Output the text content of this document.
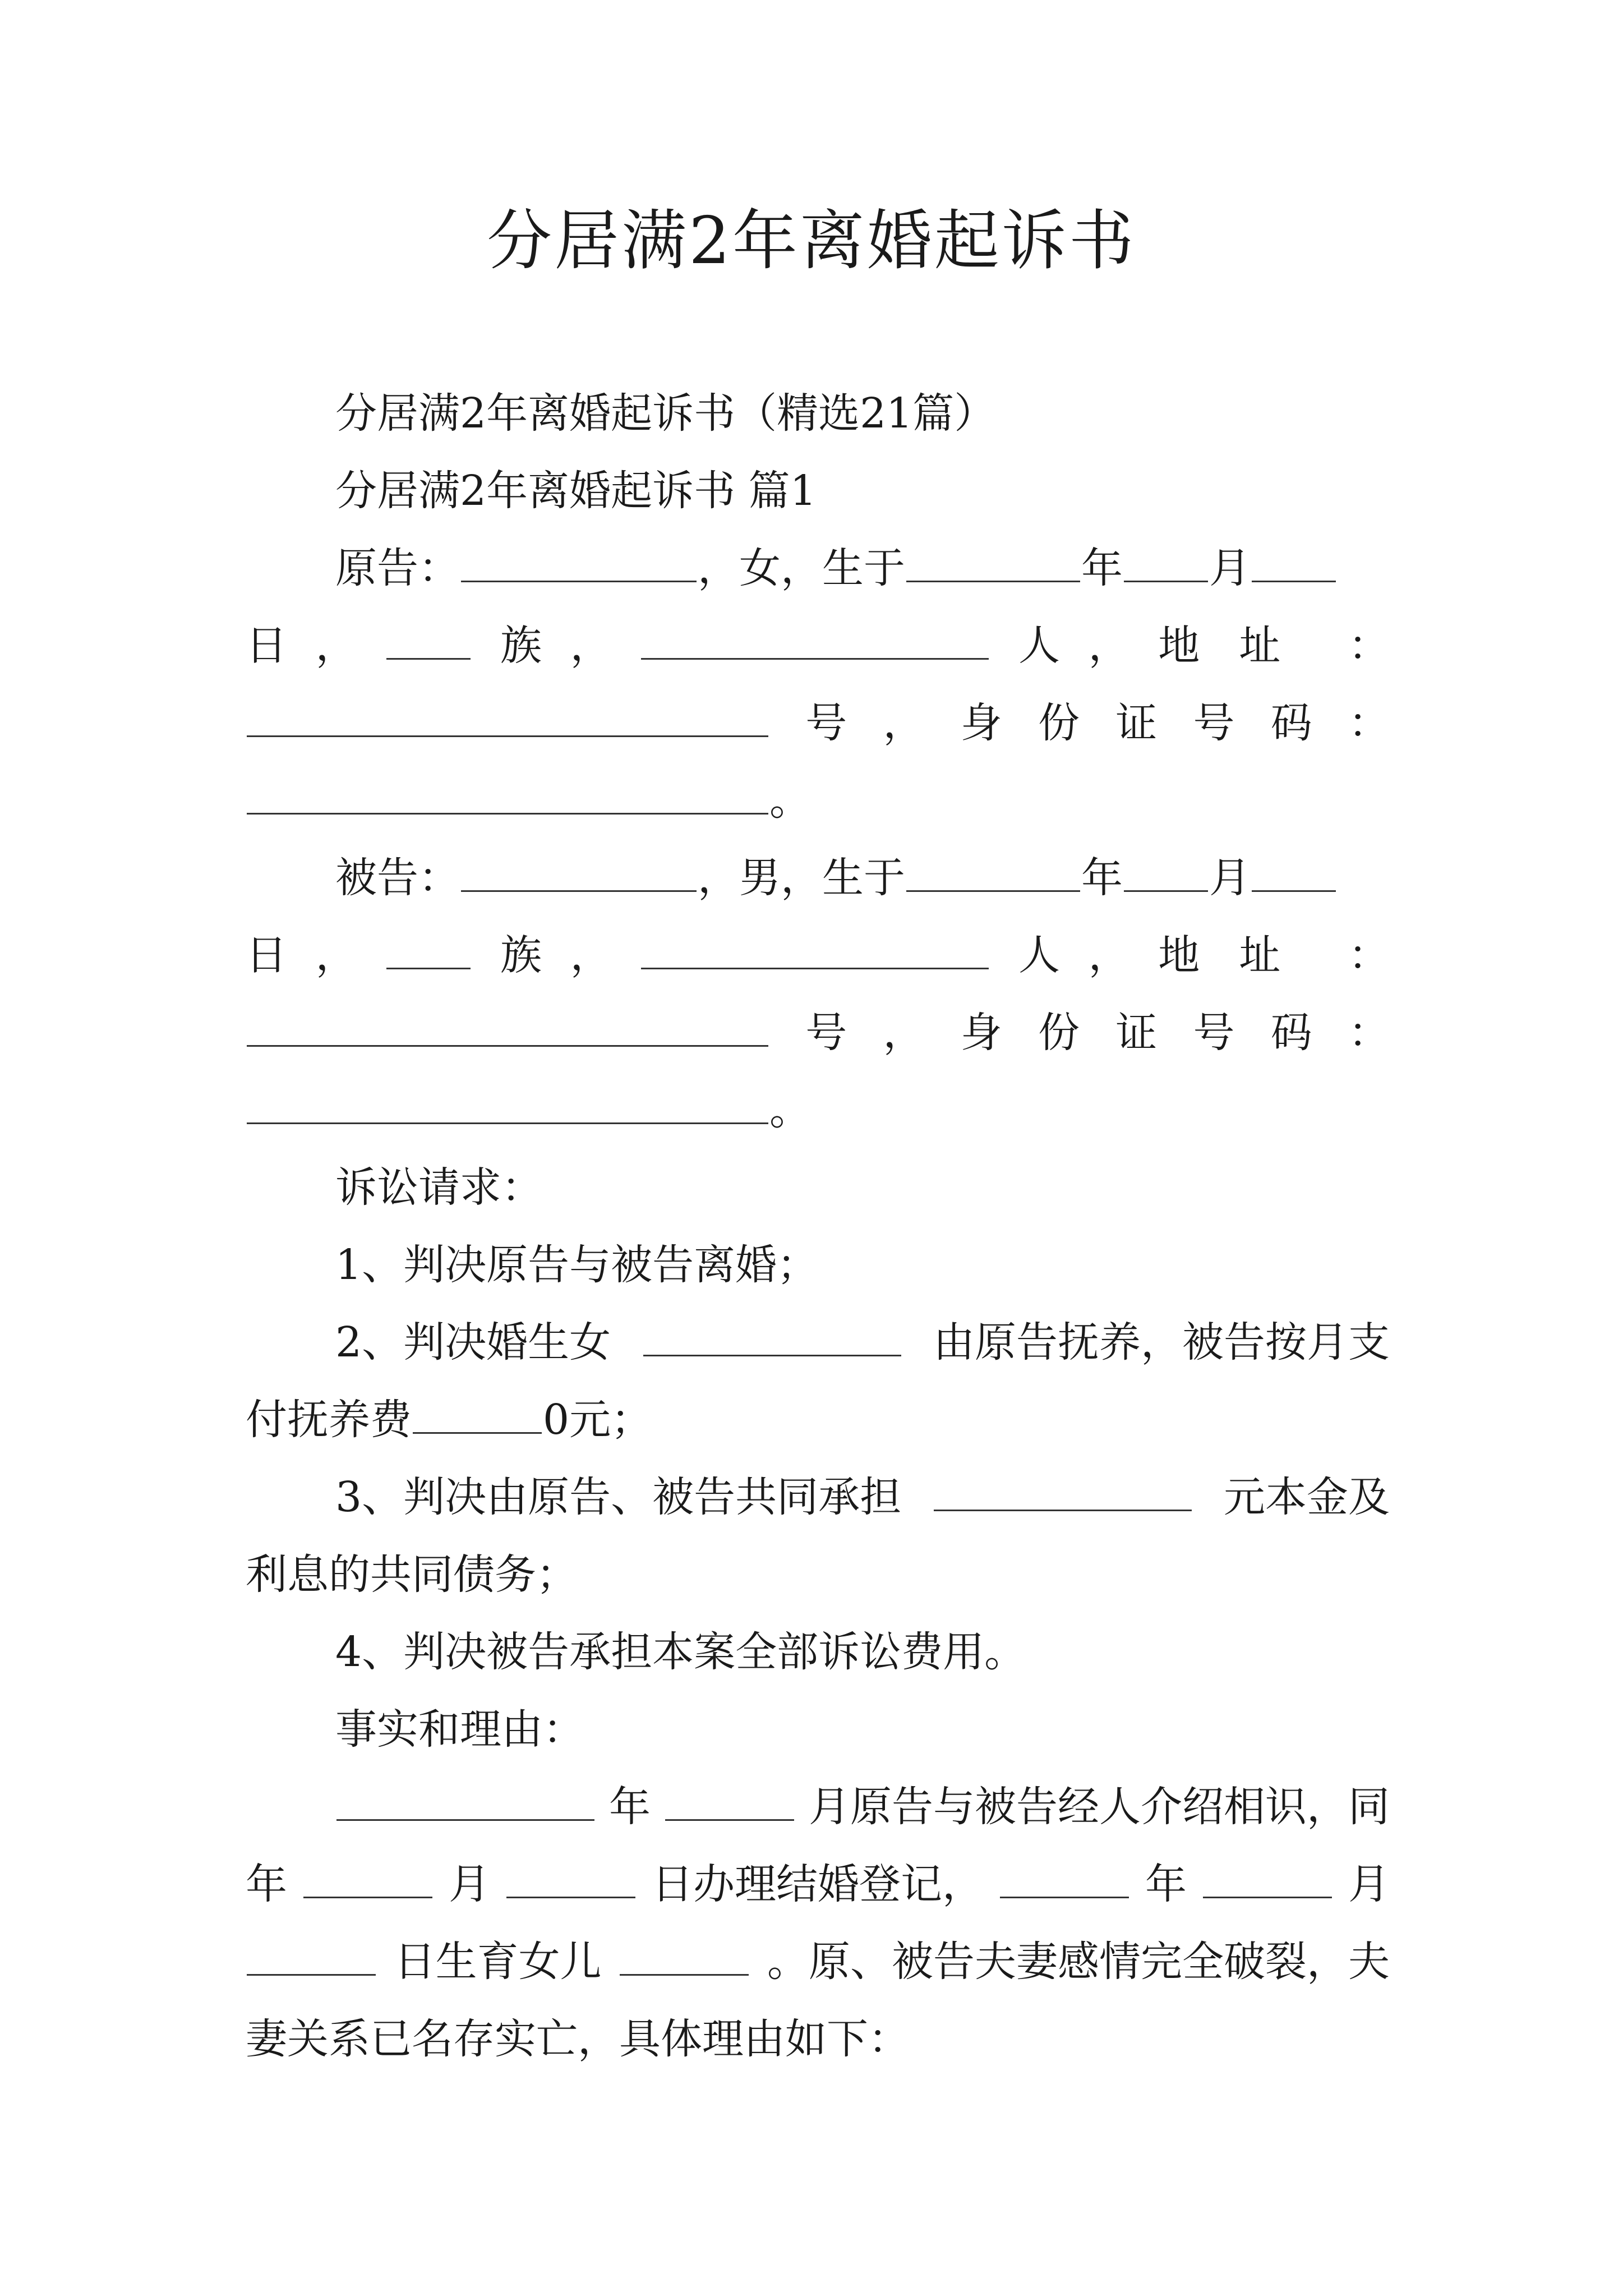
分居满2年离婚起诉书
分居满2年离婚起诉书（精选21篇）
分居满2年离婚起诉书 篇1
原告：	，女，生于	年 月
日 ，	族 ，	人 ， 地址 ：
号 ， 身 份 证 号 码 ：
。
被告：	，男，生于	年 月
日 ，	族 ，	人 ， 地址 ：
号 ， 身 份 证 号 码 ：
。
诉讼请求：
1、判决原告与被告离婚；
2、判决婚生女	由原告抚养，被告按月支
付抚养费	0元；
3、判决由原告、被告共同承担	元本金及
利息的共同债务；
4、判决被告承担本案全部诉讼费用。
事实和理由：
年	月原告与被告经人介绍相识，同
年	月	日办理结婚登记，	年	月
日生育女儿	。原、被告夫妻感情完全破裂，夫
妻关系已名存实亡，具体理由如下：
